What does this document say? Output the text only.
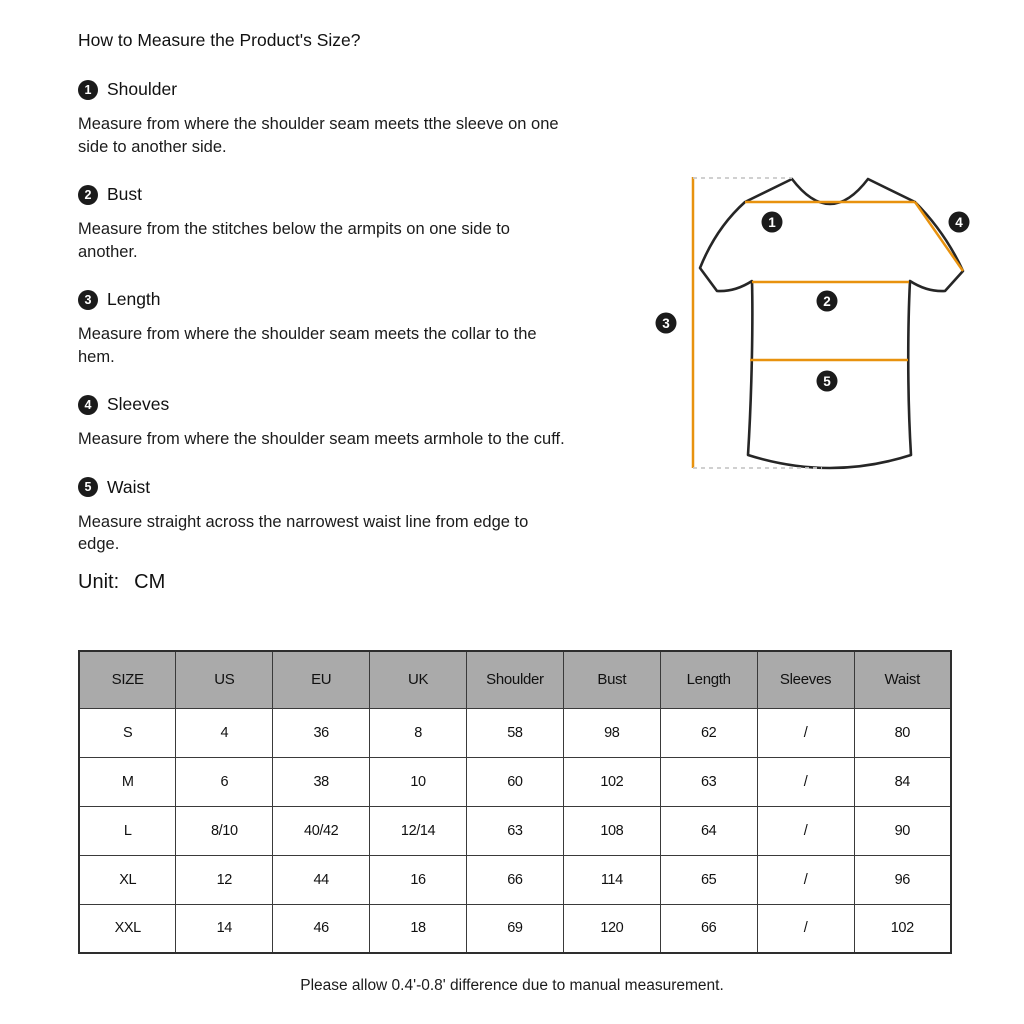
How to Measure the Product's Size?
1 Shoulder

Measure from where the shoulder seam meets tthe sleeve on one side to another side.

2 Bust

Measure from the stitches below the armpits on one side to another.

3 Length

Measure from where the shoulder seam meets the collar to the hem.

4 Sleeves

Measure from where the shoulder seam meets armhole to the cuff.

5 Waist

Measure straight across the narrowest waist line from edge to edge.

Unit: CM
1
2
3
4
5
SIZE	US	EU	UK	Shoulder	Bust	Length	Sleeves	Waist
S	4	36	8	58	98	62	/	80
M	6	38	10	60	102	63	/	84
L	8/10	40/42	12/14	63	108	64	/	90
XL	12	44	16	66	114	65	/	96
XXL	14	46	18	69	120	66	/	102
Please allow 0.4'-0.8' difference due to manual measurement.
